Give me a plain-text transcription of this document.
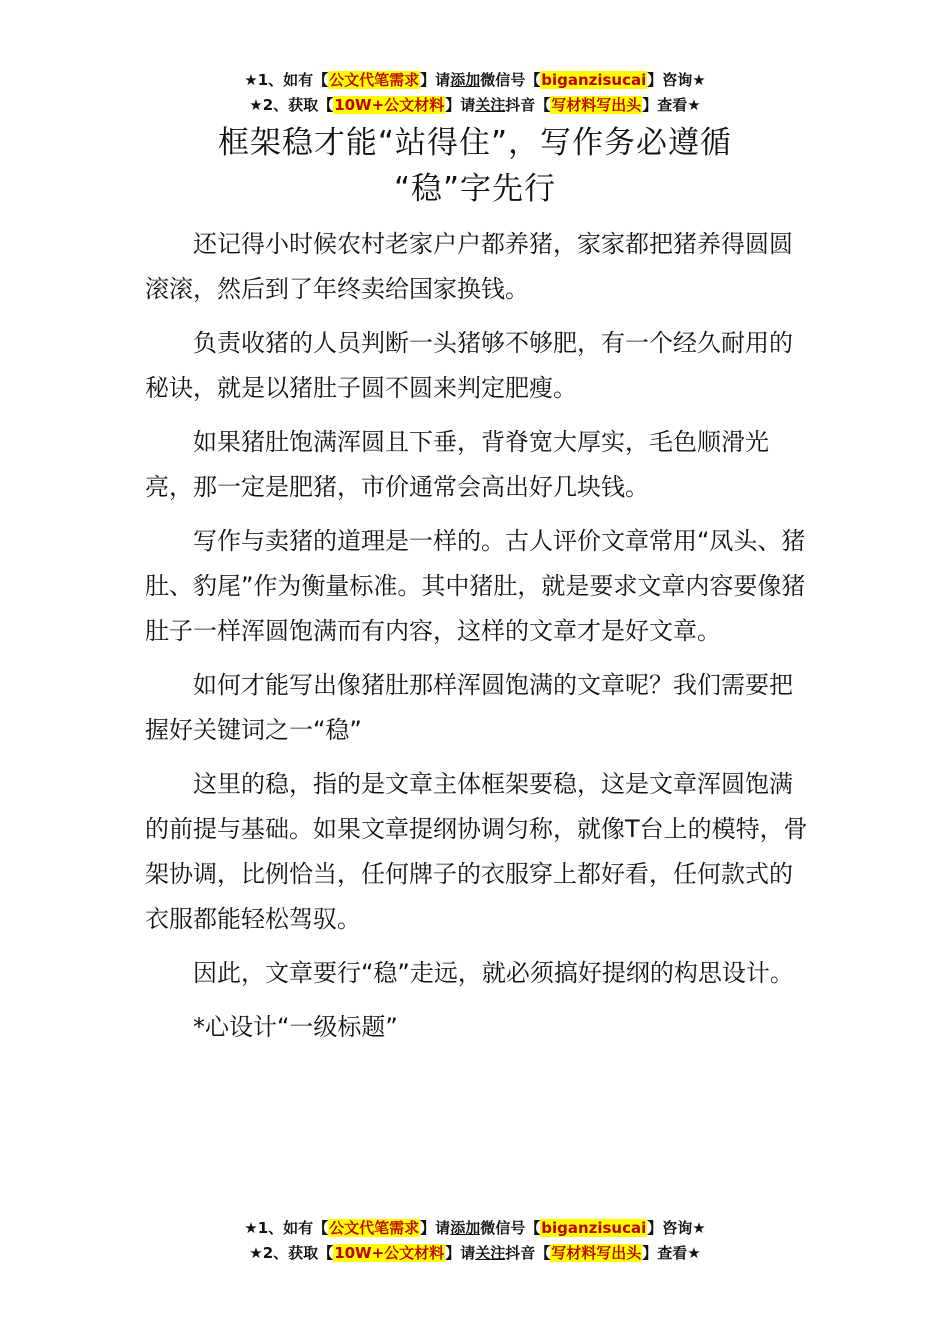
★1、如有【公文代笔需求】请添加微信号【biganzisucai】咨询★
★2、获取【10W+公文材料】请关注抖音【写材料写出头】查看★
框架稳才能“站得住”，写作务必遵循
“稳”字先行

还记得小时候农村老家户户都养猪，家家都把猪养得圆圆滚滚，然后到了年终卖给国家换钱。

负责收猪的人员判断一头猪够不够肥，有一个经久耐用的秘诀，就是以猪肚子圆不圆来判定肥瘦。

如果猪肚饱满浑圆且下垂，背脊宽大厚实，毛色顺滑光亮，那一定是肥猪，市价通常会高出好几块钱。

写作与卖猪的道理是一样的。古人评价文章常用“凤头、猪肚、豹尾”作为衡量标准。其中猪肚，就是要求文章内容要像猪肚子一样浑圆饱满而有内容，这样的文章才是好文章。

如何才能写出像猪肚那样浑圆饱满的文章呢？我们需要把握好关键词之一“稳”

这里的稳，指的是文章主体框架要稳，这是文章浑圆饱满的前提与基础。如果文章提纲协调匀称，就像T台上的模特，骨架协调，比例恰当，任何牌子的衣服穿上都好看，任何款式的衣服都能轻松驾驭。

因此，文章要行“稳”走远，就必须搞好提纲的构思设计。

*心设计“一级标题”

★1、如有【公文代笔需求】请添加微信号【biganzisucai】咨询★
★2、获取【10W+公文材料】请关注抖音【写材料写出头】查看★
